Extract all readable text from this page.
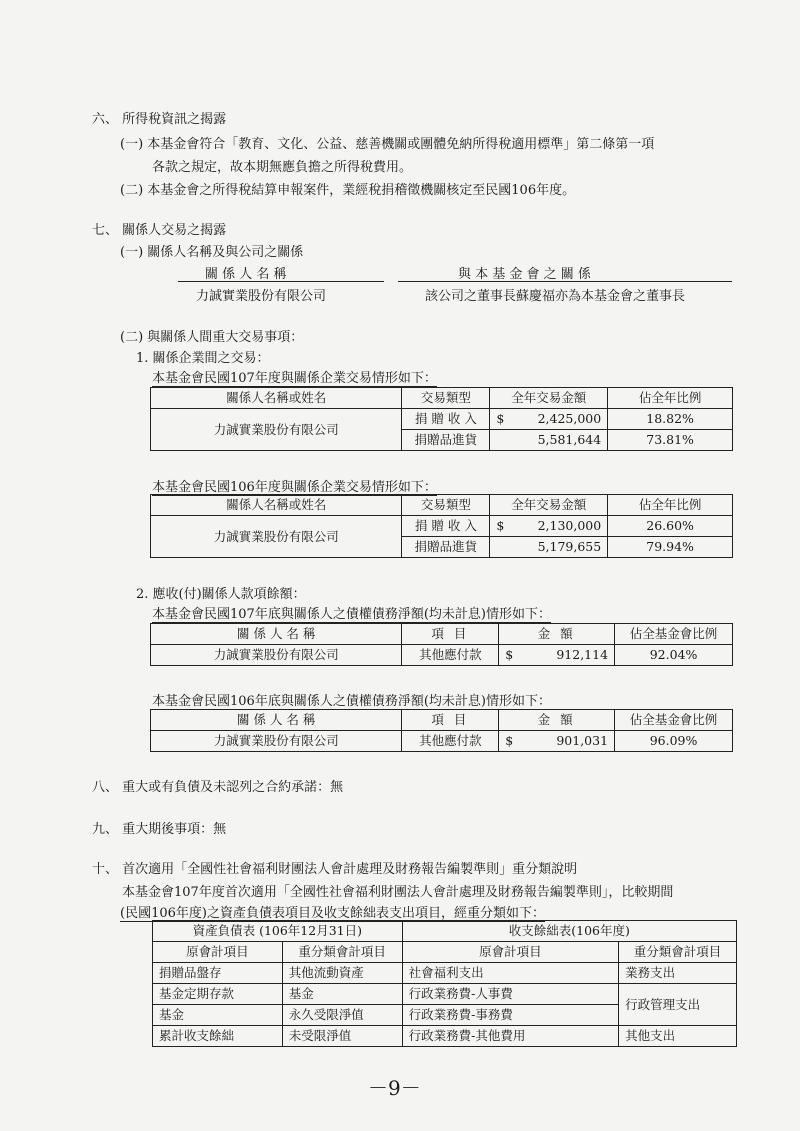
六、 所得稅資訊之揭露
(一) 本基金會符合「教育、文化、公益、慈善機關或團體免納所得稅適用標準」第二條第一項
各款之規定，故本期無應負擔之所得稅費用。
(二) 本基金會之所得稅結算申報案件，業經稅捐稽徵機關核定至民國106年度。
七、 關係人交易之揭露
(一) 關係人名稱及與公司之關係
關 係 人 名 稱	與 本 基 金 會 之 關 係
力誠實業股份有限公司	該公司之董事長蘇慶福亦為本基金會之董事長
(二) 與關係人間重大交易事項：
1. 關係企業間之交易：
本基金會民國107年度與關係企業交易情形如下：
關係人名稱或姓名	交易類型	全年交易金額	佔全年比例
力誠實業股份有限公司	捐 贈 收 入	$ 2,425,000	18.82%
	捐贈品進貨	5,581,644	73.81%
本基金會民國106年度與關係企業交易情形如下：
關係人名稱或姓名	交易類型	全年交易金額	佔全年比例
力誠實業股份有限公司	捐 贈 收 入	$ 2,130,000	26.60%
	捐贈品進貨	5,179,655	79.94%
2. 應收(付)關係人款項餘額：
本基金會民國107年底與關係人之債權債務淨額(均未計息)情形如下：
關 係 人 名 稱	項 目	金 額	佔全基金會比例
力誠實業股份有限公司	其他應付款	$ 912,114	92.04%
本基金會民國106年底與關係人之債權債務淨額(均未計息)情形如下：
關 係 人 名 稱	項 目	金 額	佔全基金會比例
力誠實業股份有限公司	其他應付款	$ 901,031	96.09%
八、 重大或有負債及未認列之合約承諾：無
九、 重大期後事項：無
十、 首次適用「全國性社會福利財團法人會計處理及財務報告編製準則」重分類說明
本基金會107年度首次適用「全國性社會福利財團法人會計處理及財務報告編製準則」，比較期間
(民國106年度)之資產負債表項目及收支餘絀表支出項目，經重分類如下：
資產負債表 (106年12月31日)		收支餘絀表(106年度)	
原會計項目	重分類會計項目	原會計項目	重分類會計項目
捐贈品盤存	其他流動資產	社會福利支出	業務支出
基金定期存款	基金	行政業務費-人事費	行政管理支出
基金	永久受限淨值	行政業務費-事務費	
累計收支餘絀	未受限淨值	行政業務費-其他費用	其他支出
－9－
